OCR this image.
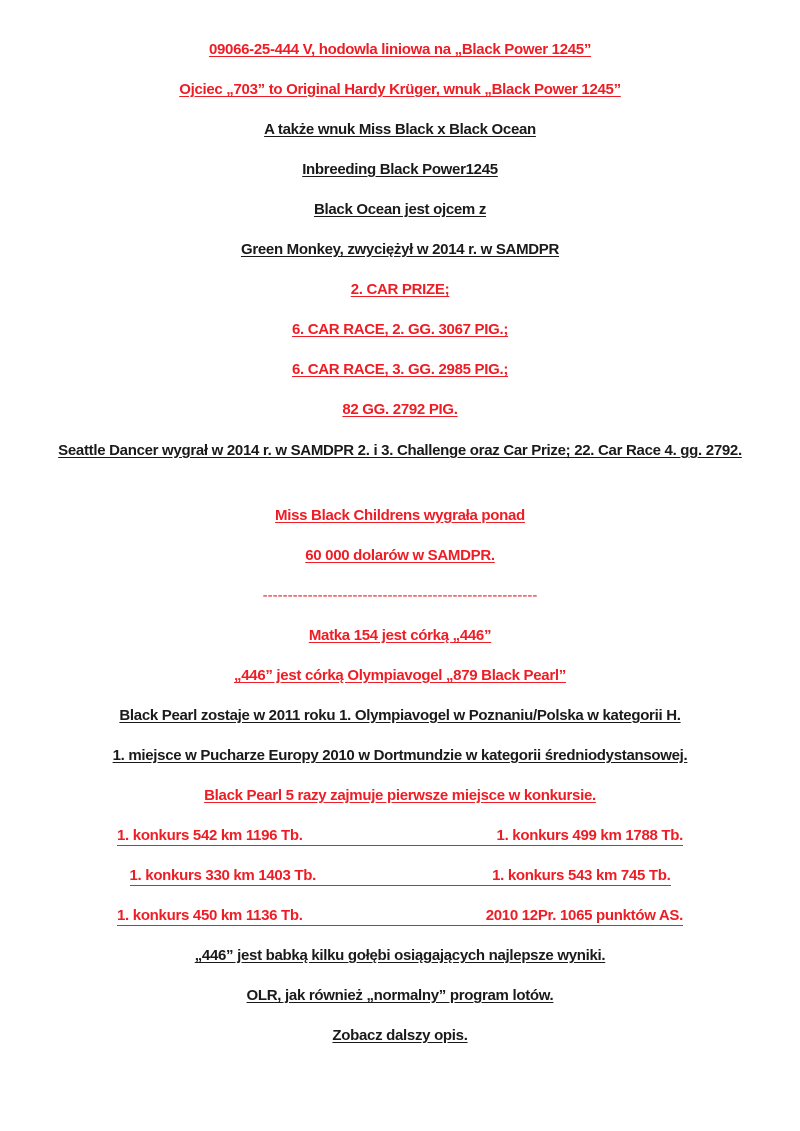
09066-25-444 V, hodowla liniowa na „Black Power 1245”
Ojciec „703” to Original Hardy Krüger, wnuk „Black Power 1245”
A także wnuk Miss Black x Black Ocean
Inbreeding Black Power1245
Black Ocean jest ojcem z
Green Monkey, zwyciężył w 2014 r. w SAMDPR
2. CAR PRIZE;
6. CAR RACE, 2. GG. 3067 PIG.;
6. CAR RACE, 3. GG. 2985 PIG.;
82 GG. 2792 PIG.
Seattle Dancer wygrał w 2014 r. w SAMDPR 2. i 3. Challenge oraz Car Prize; 22. Car Race 4. gg. 2792.
Miss Black Childrens wygrała ponad
60 000 dolarów w SAMDPR.
-------------------------------------------------------
Matka 154 jest córką „446”
„446” jest córką Olympiavogel „879 Black Pearl”
Black Pearl zostaje w 2011 roku 1. Olympiavogel w Poznaniu/Polska w kategorii H.
1. miejsce w Pucharze Europy 2010 w Dortmundzie w kategorii średniodystansowej.
Black Pearl 5 razy zajmuje pierwsze miejsce w konkursie.
1. konkurs 542 km 1196 Tb.	1. konkurs 499 km 1788 Tb.
1. konkurs 330 km 1403 Tb.	1. konkurs 543 km 745 Tb.
1. konkurs 450 km 1136 Tb.	2010 12Pr. 1065 punktów AS.
„446” jest babką kilku gołębi osiągających najlepsze wyniki.
OLR, jak również „normalny” program lotów.
Zobacz dalszy opis.
